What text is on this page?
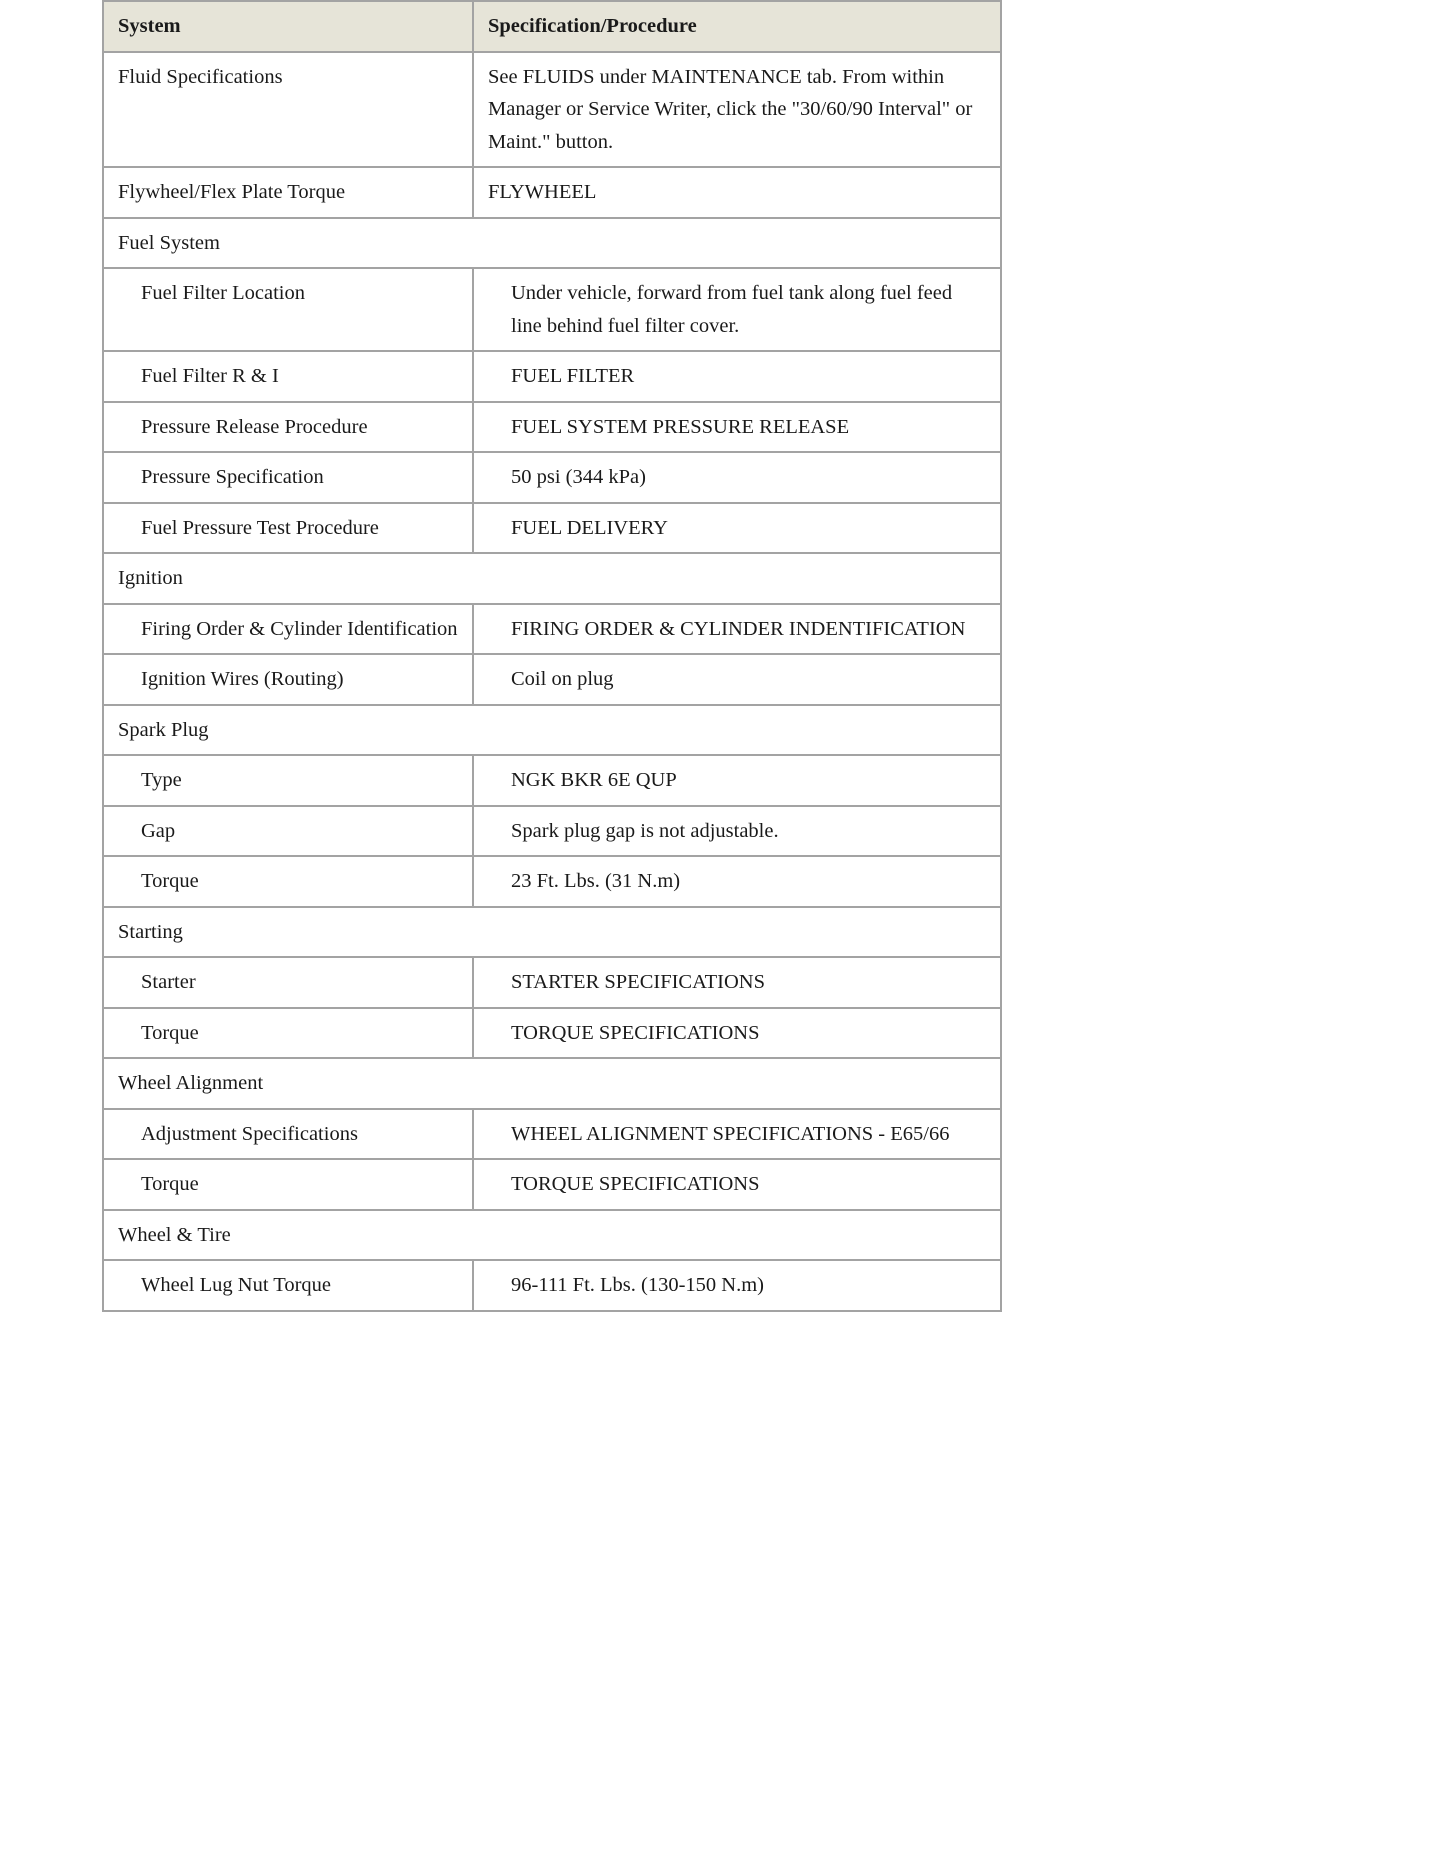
System	Specification/Procedure
Fluid Specifications	See FLUIDS under MAINTENANCE tab. From within Manager or Service Writer, click the "30/60/90 Interval" or Maint." button.
Flywheel/Flex Plate Torque	FLYWHEEL
Fuel System	
Fuel Filter Location	Under vehicle, forward from fuel tank along fuel feed line behind fuel filter cover.
Fuel Filter R & I	FUEL FILTER
Pressure Release Procedure	FUEL SYSTEM PRESSURE RELEASE
Pressure Specification	50 psi (344 kPa)
Fuel Pressure Test Procedure	FUEL DELIVERY
Ignition	
Firing Order & Cylinder Identification	FIRING ORDER & CYLINDER INDENTIFICATION
Ignition Wires (Routing)	Coil on plug
Spark Plug	
Type	NGK BKR 6E QUP
Gap	Spark plug gap is not adjustable.
Torque	23 Ft. Lbs. (31 N.m)
Starting	
Starter	STARTER SPECIFICATIONS
Torque	TORQUE SPECIFICATIONS
Wheel Alignment	
Adjustment Specifications	WHEEL ALIGNMENT SPECIFICATIONS - E65/66
Torque	TORQUE SPECIFICATIONS
Wheel & Tire	
Wheel Lug Nut Torque	96-111 Ft. Lbs. (130-150 N.m)
